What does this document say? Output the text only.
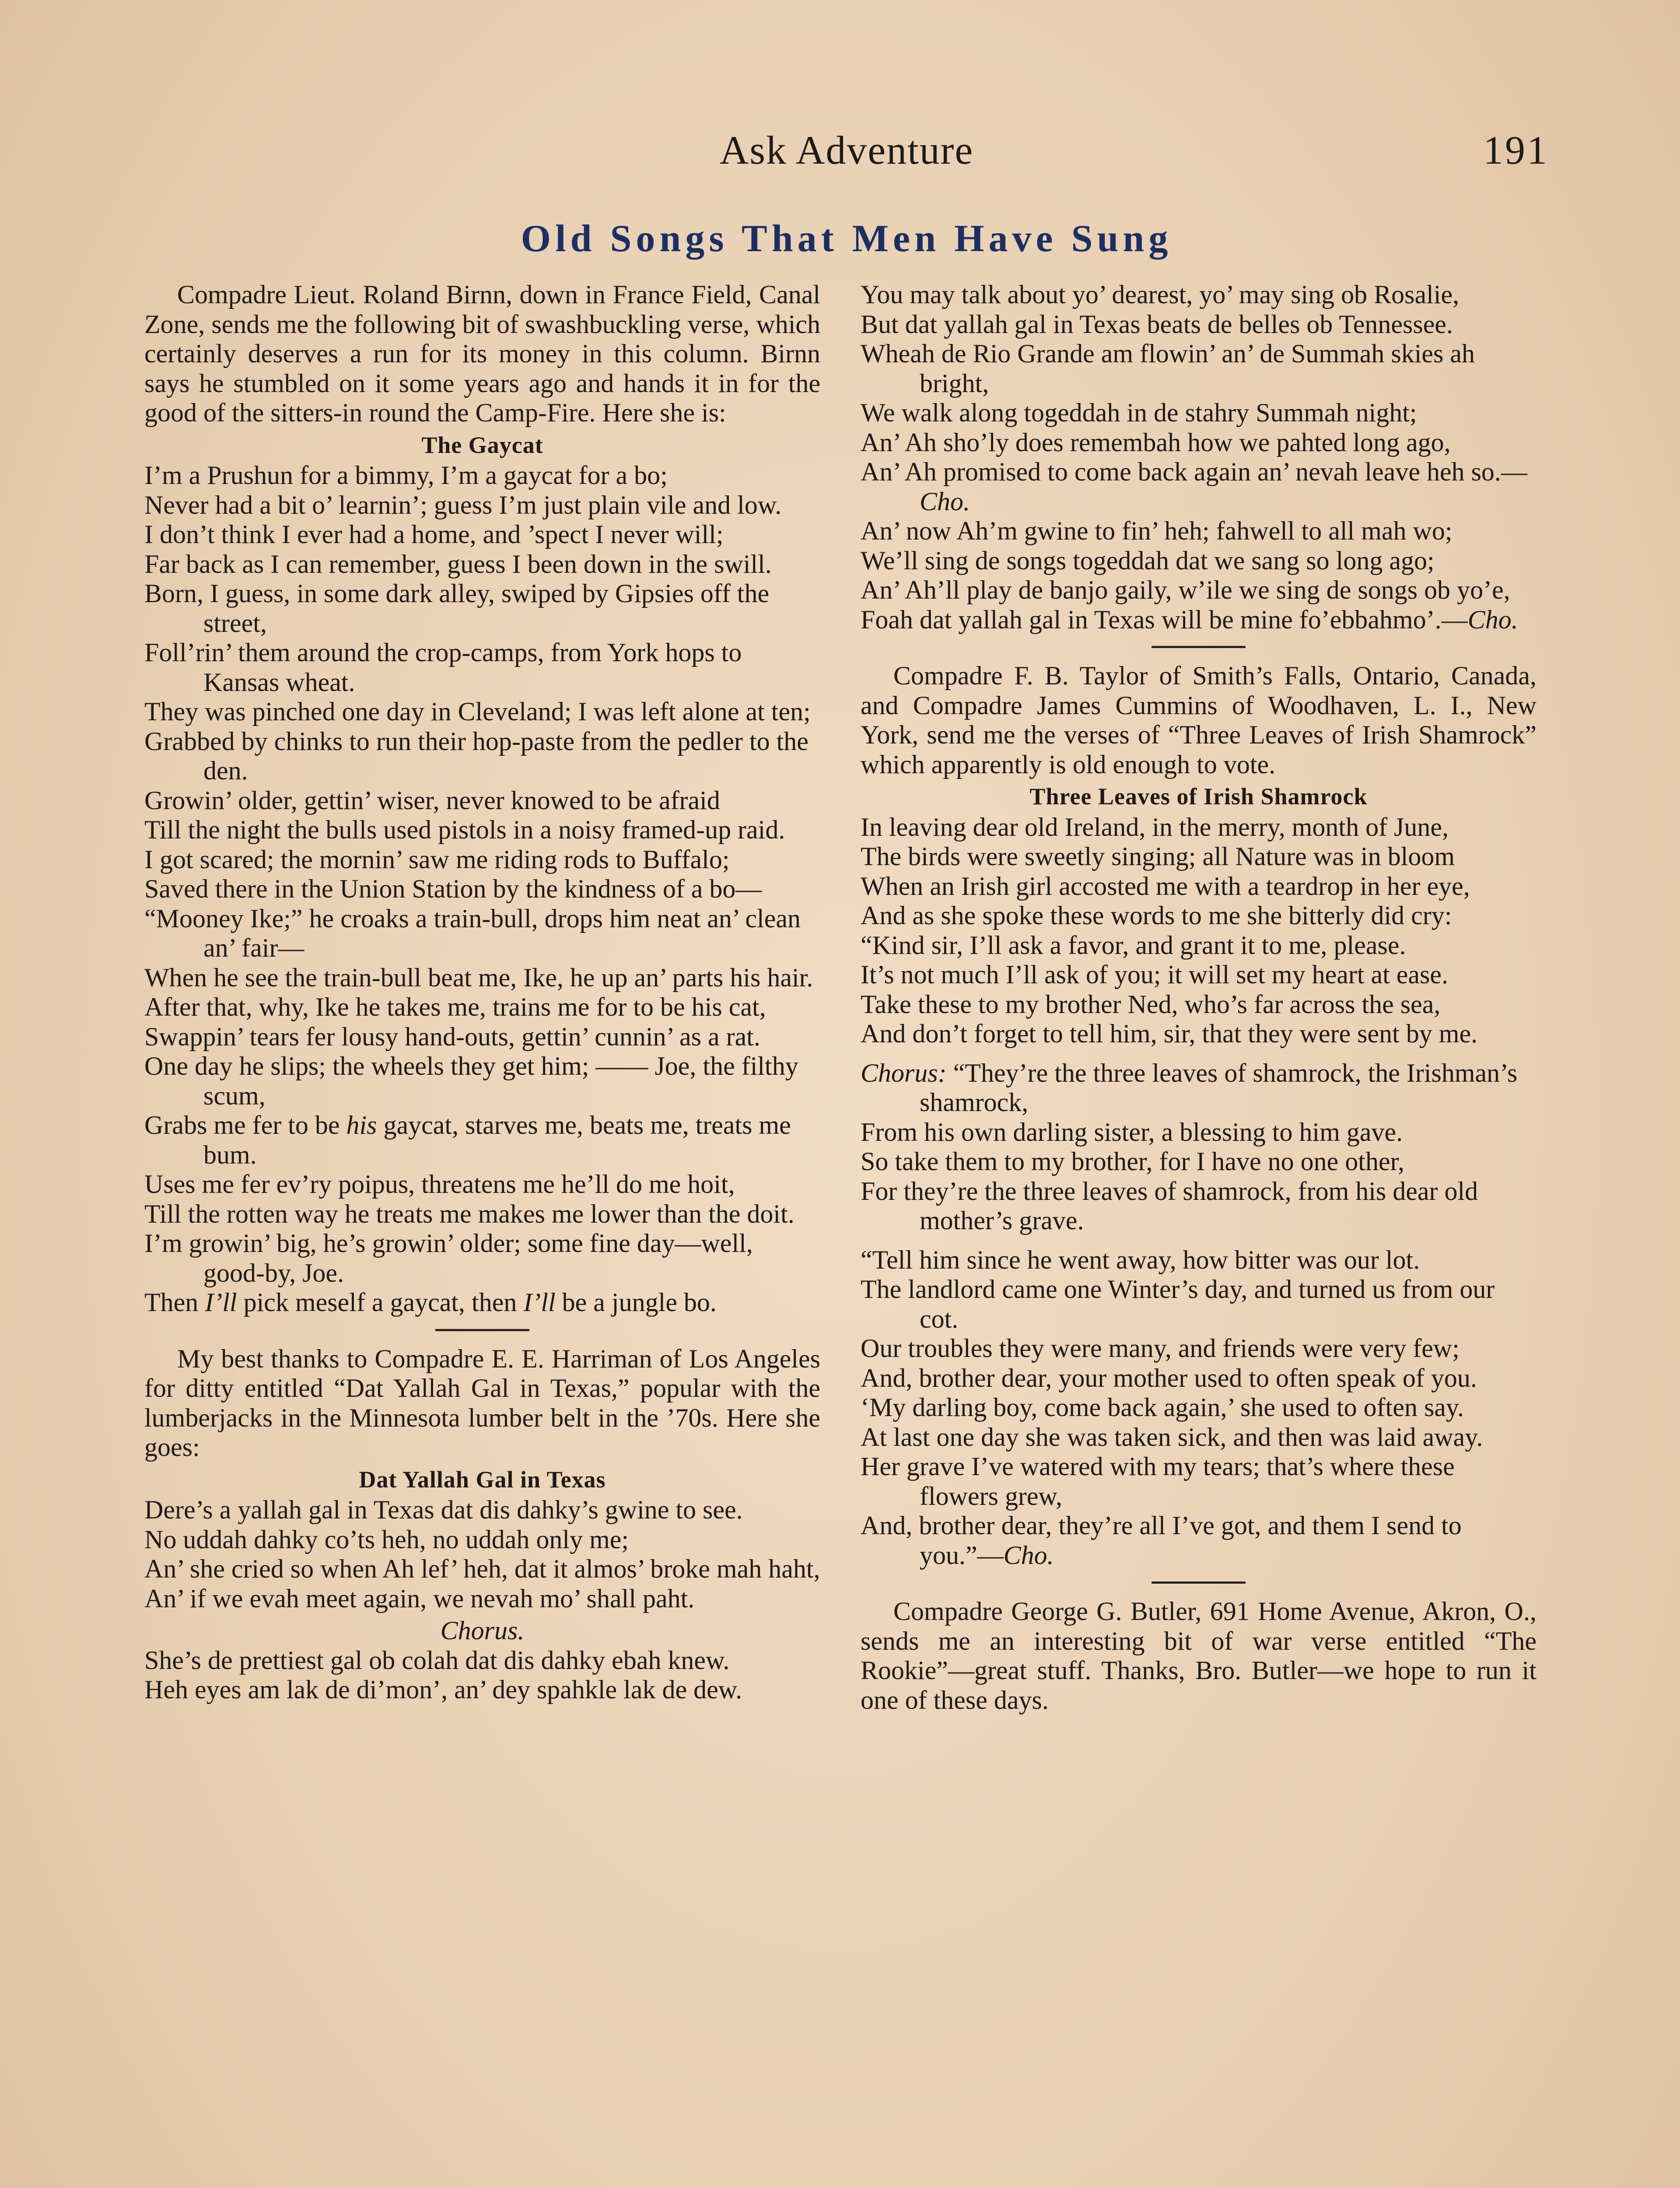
Ask Adventure	191
Old Songs That Men Have Sung

Compadre Lieut. Roland Birnn, down in France Field, Canal Zone, sends me the following bit of swashbuckling verse, which certainly deserves a run for its money in this column. Birnn says he stumbled on it some years ago and hands it in for the good of the sitters-in round the Camp-Fire. Here she is:

The Gaycat

I’m a Prushun for a bimmy, I’m a gaycat for a bo;

Never had a bit o’ learnin’; guess I’m just plain vile and low.

I don’t think I ever had a home, and ’spect I never will;

Far back as I can remember, guess I been down in the swill.

Born, I guess, in some dark alley, swiped by Gipsies off the street,

Foll’rin’ them around the crop-camps, from York hops to Kansas wheat.

They was pinched one day in Cleveland; I was left alone at ten;

Grabbed by chinks to run their hop-paste from the pedler to the den.

Growin’ older, gettin’ wiser, never knowed to be afraid

Till the night the bulls used pistols in a noisy framed-up raid.

I got scared; the mornin’ saw me riding rods to Buffalo;

Saved there in the Union Station by the kindness of a bo—

“Mooney Ike;” he croaks a train-bull, drops him neat an’ clean an’ fair—

When he see the train-bull beat me, Ike, he up an’ parts his hair.

After that, why, Ike he takes me, trains me for to be his cat,

Swappin’ tears fer lousy hand-outs, gettin’ cunnin’ as a rat.

One day he slips; the wheels they get him; —— Joe, the filthy scum,

Grabs me fer to be his gaycat, starves me, beats me, treats me bum.

Uses me fer ev’ry poipus, threatens me he’ll do me hoit,

Till the rotten way he treats me makes me lower than the doit.

I’m growin’ big, he’s growin’ older; some fine day—well, good-by, Joe.

Then I’ll pick meself a gaycat, then I’ll be a jungle bo.

My best thanks to Compadre E. E. Harriman of Los Angeles for ditty entitled “Dat Yallah Gal in Texas,” popular with the lumberjacks in the Minnesota lumber belt in the ’70s. Here she goes:

Dat Yallah Gal in Texas

Dere’s a yallah gal in Texas dat dis dahky’s gwine to see.

No uddah dahky co’ts heh, no uddah only me;

An’ she cried so when Ah lef’ heh, dat it almos’ broke mah haht,

An’ if we evah meet again, we nevah mo’ shall paht.

Chorus.

She’s de prettiest gal ob colah dat dis dahky ebah knew.

Heh eyes am lak de di’mon’, an’ dey spahkle lak de dew.

You may talk about yo’ dearest, yo’ may sing ob Rosalie,

But dat yallah gal in Texas beats de belles ob Tennessee.

Wheah de Rio Grande am flowin’ an’ de Summah skies ah bright,

We walk along togeddah in de stahry Summah night;

An’ Ah sho’ly does remembah how we pahted long ago,

An’ Ah promised to come back again an’ nevah leave heh so.—Cho.

An’ now Ah’m gwine to fin’ heh; fahwell to all mah wo;

We’ll sing de songs togeddah dat we sang so long ago;

An’ Ah’ll play de banjo gaily, w’ile we sing de songs ob yo’e,

Foah dat yallah gal in Texas will be mine fo’ebbahmo’.—Cho.

Compadre F. B. Taylor of Smith’s Falls, Ontario, Canada, and Compadre James Cummins of Woodhaven, L. I., New York, send me the verses of “Three Leaves of Irish Shamrock” which apparently is old enough to vote.

Three Leaves of Irish Shamrock

In leaving dear old Ireland, in the merry, month of June,

The birds were sweetly singing; all Nature was in bloom

When an Irish girl accosted me with a teardrop in her eye,

And as she spoke these words to me she bitterly did cry:

“Kind sir, I’ll ask a favor, and grant it to me, please.

It’s not much I’ll ask of you; it will set my heart at ease.

Take these to my brother Ned, who’s far across the sea,

And don’t forget to tell him, sir, that they were sent by me.

Chorus: “They’re the three leaves of shamrock, the Irishman’s shamrock,

From his own darling sister, a blessing to him gave.

So take them to my brother, for I have no one other,

For they’re the three leaves of shamrock, from his dear old mother’s grave.

“Tell him since he went away, how bitter was our lot.

The landlord came one Winter’s day, and turned us from our cot.

Our troubles they were many, and friends were very few;

And, brother dear, your mother used to often speak of you.

‘My darling boy, come back again,’ she used to often say.

At last one day she was taken sick, and then was laid away.

Her grave I’ve watered with my tears; that’s where these flowers grew,

And, brother dear, they’re all I’ve got, and them I send to you.”—Cho.

Compadre George G. Butler, 691 Home Avenue, Akron, O., sends me an interesting bit of war verse entitled “The Rookie”—great stuff. Thanks, Bro. Butler—we hope to run it one of these days.
